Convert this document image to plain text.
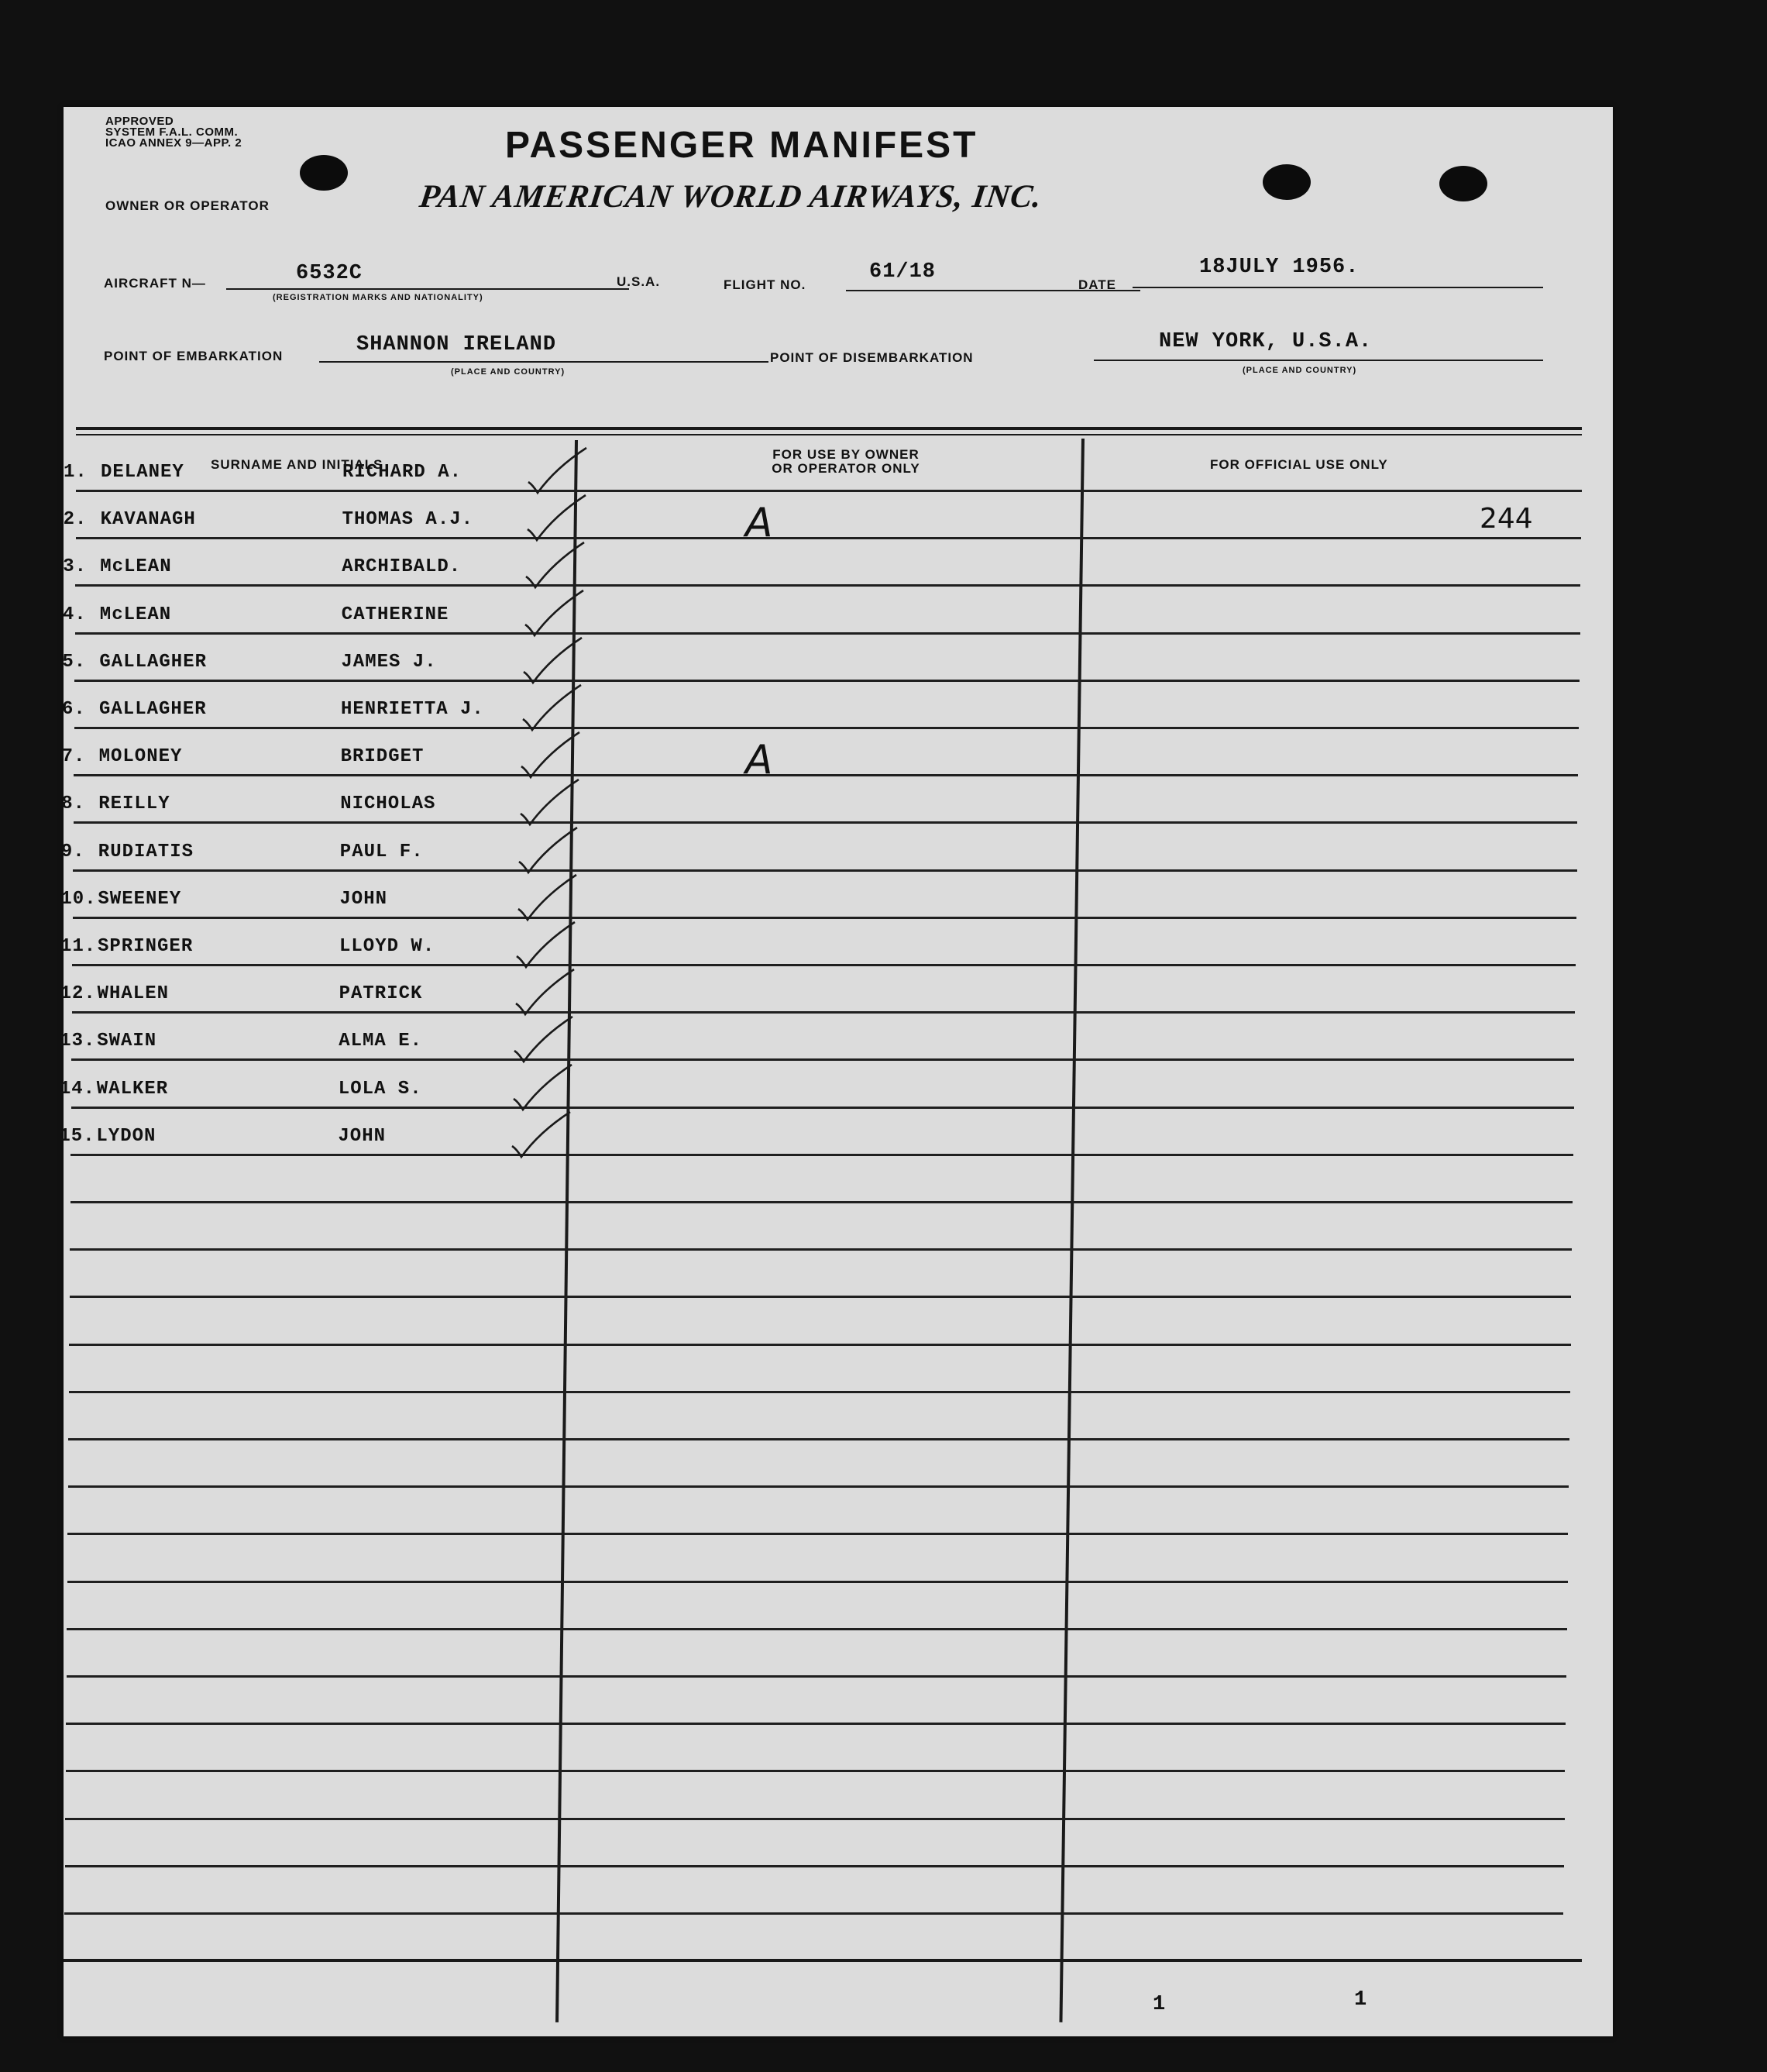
APPROVED
SYSTEM F.A.L. COMM.
ICAO ANNEX 9—APP. 2	PASSENGER MANIFEST
OWNER OR OPERATOR	PAN AMERICAN WORLD AIRWAYS, INC.
AIRCRAFT N—	6532C
(REGISTRATION MARKS AND NATIONALITY)
U.S.A.	FLIGHT NO.
61/18
DATE
18JULY 1956.
POINT OF EMBARKATION	SHANNON IRELAND
(PLACE AND COUNTRY)
POINT OF DISEMBARKATION
NEW YORK, U.S.A.
(PLACE AND COUNTRY)
SURNAME AND INITIALS
FOR USE BY OWNER
OR OPERATOR ONLY	FOR OFFICIAL USE ONLY
1	1
1. DELANEY	RICHARD A.
2. KAVANAGH	THOMAS A.J.	A	244
3. McLEAN	ARCHIBALD.
4. McLEAN	CATHERINE
5. GALLAGHER	JAMES J.
6. GALLAGHER	HENRIETTA J.
7. MOLONEY	BRIDGET	A
8. REILLY	NICHOLAS
9. RUDIATIS	PAUL F.
10. SWEENEY	JOHN
11. SPRINGER	LLOYD W.
12. WHALEN	PATRICK
13. SWAIN	ALMA E.
14. WALKER	LOLA S.
15. LYDON	JOHN
